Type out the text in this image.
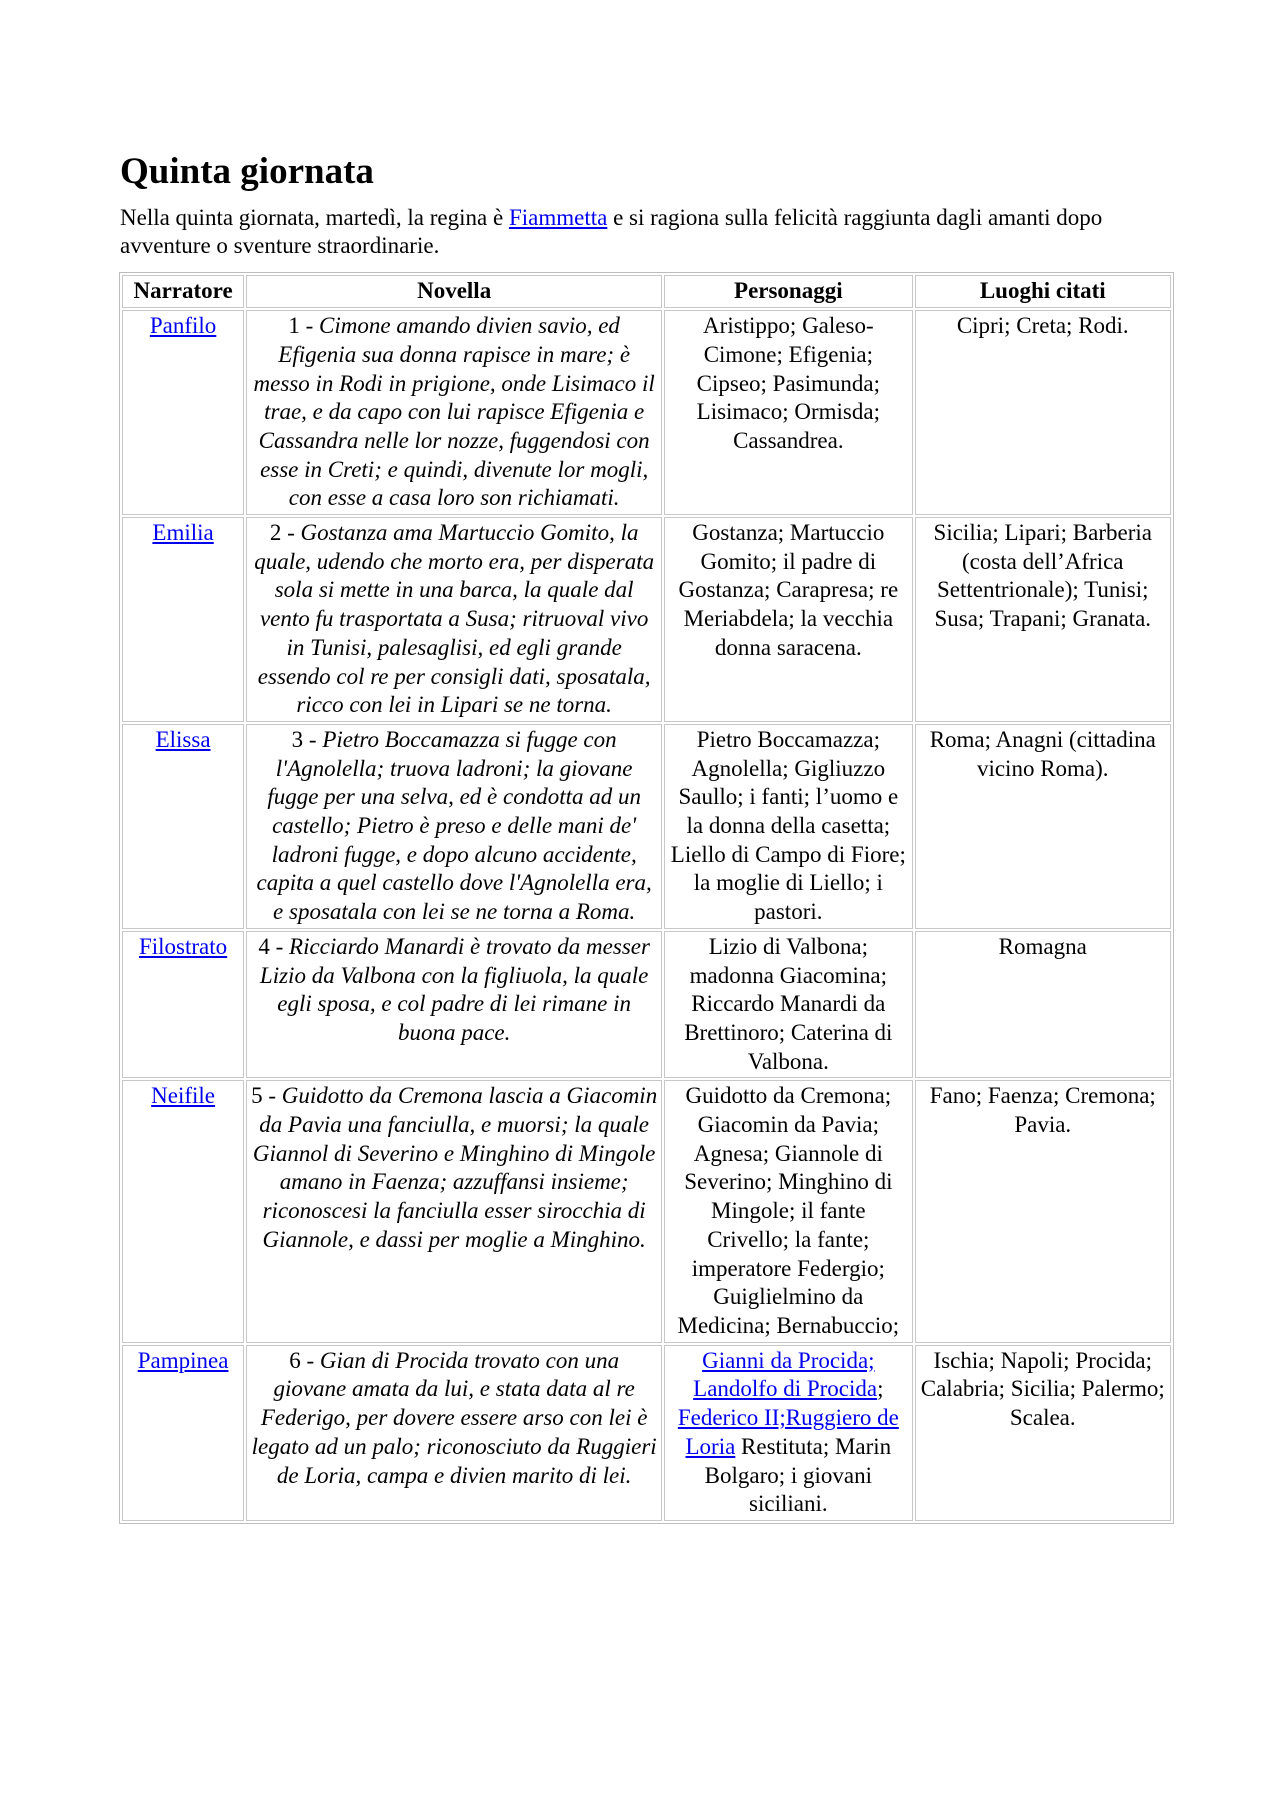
Quinta giornata

Nella quinta giornata, martedì, la regina è Fiammetta e si ragiona sulla felicità raggiunta dagli amanti dopo avventure o sventure straordinarie.

Narratore	Novella	Personaggi	Luoghi citati
Panfilo	1 - Cimone amando divien savio, ed Efigenia sua donna rapisce in mare; è messo in Rodi in prigione, onde Lisimaco il trae, e da capo con lui rapisce Efigenia e Cassandra nelle lor nozze, fuggendosi con esse in Creti; e quindi, divenute lor mogli, con esse a casa loro son richiamati.	Aristippo; Galeso-Cimone; Efigenia; Cipseo; Pasimunda; Lisimaco; Ormisda; Cassandrea.	Cipri; Creta; Rodi.
Emilia	2 - Gostanza ama Martuccio Gomito, la quale, udendo che morto era, per disperata sola si mette in una barca, la quale dal vento fu trasportata a Susa; ritruoval vivo in Tunisi, palesaglisi, ed egli grande essendo col re per consigli dati, sposatala, ricco con lei in Lipari se ne torna.	Gostanza; Martuccio Gomito; il padre di Gostanza; Carapresa; re Meriabdela; la vecchia donna saracena.	Sicilia; Lipari; Barberia (costa dell’Africa Settentrionale); Tunisi; Susa; Trapani; Granata.
Elissa	3 - Pietro Boccamazza si fugge con l'Agnolella; truova ladroni; la giovane fugge per una selva, ed è condotta ad un castello; Pietro è preso e delle mani de' ladroni fugge, e dopo alcuno accidente, capita a quel castello dove l'Agnolella era, e sposatala con lei se ne torna a Roma.	Pietro Boccamazza; Agnolella; Gigliuzzo Saullo; i fanti; l’uomo e la donna della casetta; Liello di Campo di Fiore; la moglie di Liello; i pastori.	Roma; Anagni (cittadina vicino Roma).
Filostrato	4 - Ricciardo Manardi è trovato da messer Lizio da Valbona con la figliuola, la quale egli sposa, e col padre di lei rimane in buona pace.	Lizio di Valbona; madonna Giacomina; Riccardo Manardi da Brettinoro; Caterina di Valbona.	Romagna
Neifile	5 - Guidotto da Cremona lascia a Giacomin da Pavia una fanciulla, e muorsi; la quale Giannol di Severino e Minghino di Mingole amano in Faenza; azzuffansi insieme; riconoscesi la fanciulla esser sirocchia di Giannole, e dassi per moglie a Minghino.	Guidotto da Cremona; Giacomin da Pavia; Agnesa; Giannole di Severino; Minghino di Mingole; il fante Crivello; la fante; imperatore Federgio; Guiglielmino da Medicina; Bernabuccio;	Fano; Faenza; Cremona; Pavia.
Pampinea	6 - Gian di Procida trovato con una giovane amata da lui, e stata data al re Federigo, per dovere essere arso con lei è legato ad un palo; riconosciuto da Ruggieri de Loria, campa e divien marito di lei.	Gianni da Procida; Landolfo di Procida; Federico II;Ruggiero de Loria Restituta; Marin Bolgaro; i giovani siciliani.	Ischia; Napoli; Procida; Calabria; Sicilia; Palermo; Scalea.
